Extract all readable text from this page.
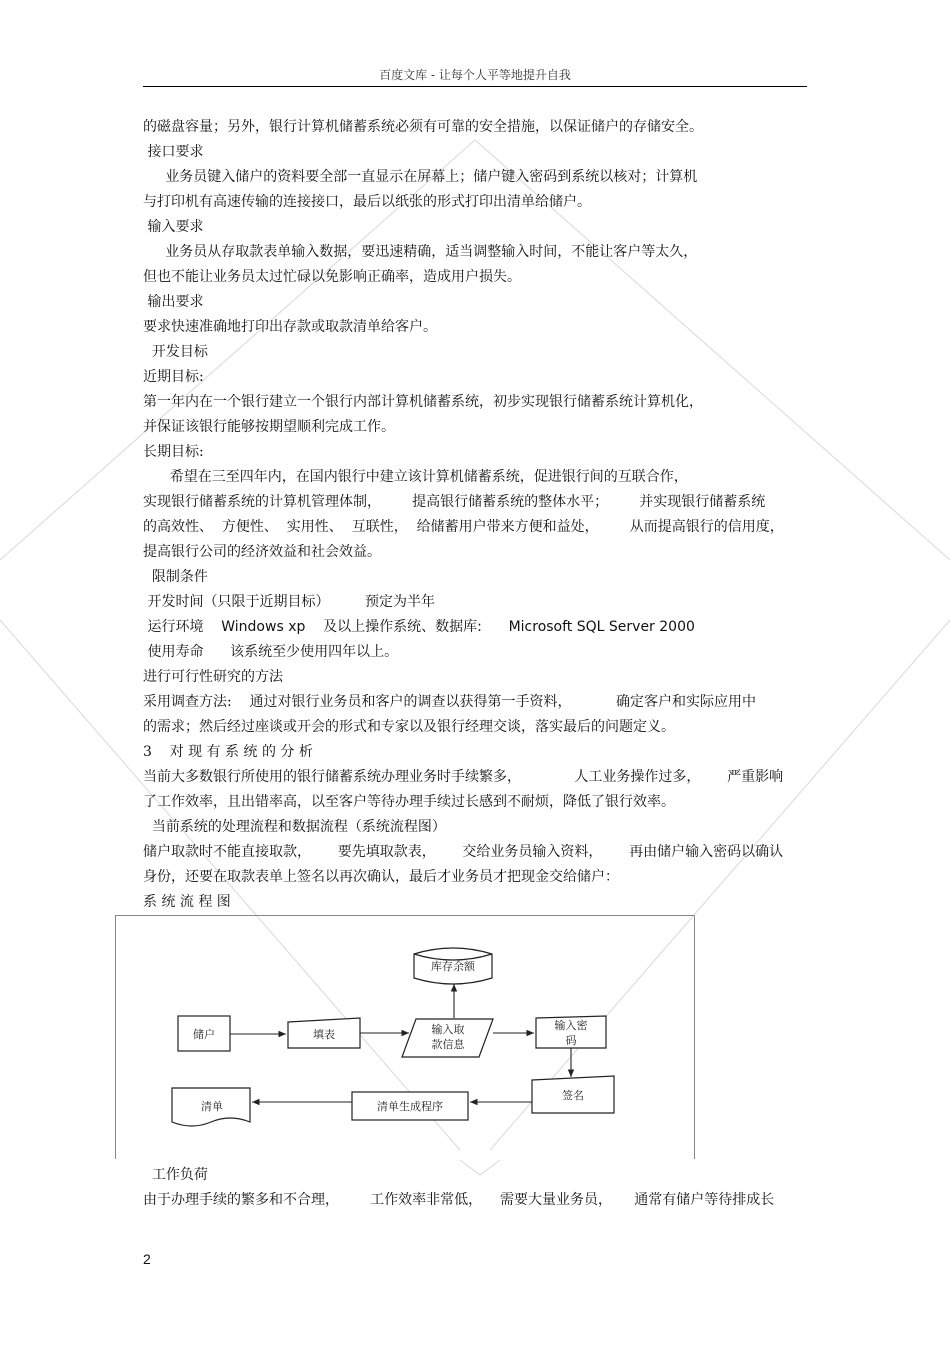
百度文库 - 让每个人平等地提升自我
的磁盘容量；另外，银行计算机储蓄系统必须有可靠的安全措施，以保证储户的存储安全。
接口要求
业务员键入储户的资料要全部一直显示在屏幕上；储户键入密码到系统以核对；计算机
与打印机有高速传输的连接接口，最后以纸张的形式打印出清单给储户。
输入要求
业务员从存取款表单输入数据，要迅速精确，适当调整输入时间，不能让客户等太久，
但也不能让业务员太过忙碌以免影响正确率，造成用户损失。
输出要求
要求快速准确地打印出存款或取款清单给客户。
开发目标
近期目标:
第一年内在一个银行建立一个银行内部计算机储蓄系统，初步实现银行储蓄系统计算机化，
并保证该银行能够按期望顺利完成工作。
长期目标:
希望在三至四年内，在国内银行中建立该计算机储蓄系统，促进银行间的互联合作，
实现银行储蓄系统的计算机管理体制，       提高银行储蓄系统的整体水平；       并实现银行储蓄系统
的高效性、  方便性、  实用性、  互联性，  给储蓄用户带来方便和益处，       从而提高银行的信用度，
提高银行公司的经济效益和社会效益。
限制条件
开发时间（只限于近期目标）        预定为半年
运行环境    Windows xp    及以上操作系统、数据库:      Microsoft SQL Server 2000
使用寿命      该系统至少使用四年以上。
进行可行性研究的方法
采用调查方法:    通过对银行业务员和客户的调查以获得第一手资料，          确定客户和实际应用中
的需求；然后经过座谈或开会的形式和专家以及银行经理交谈，落实最后的问题定义。
3    对 现 有 系 统 的 分 析
当前大多数银行所使用的银行储蓄系统办理业务时手续繁多，            人工业务操作过多，      严重影响
了工作效率，且出错率高，以至客户等待办理手续过长感到不耐烦，降低了银行效率。
当前系统的处理流程和数据流程（系统流程图）
储户取款时不能直接取款，      要先填取款表，      交给业务员输入资料，      再由储户输入密码以确认
身份，还要在取款表单上签名以再次确认，最后才业务员才把现金交给储户：
系 统 流 程 图
工作负荷
由于办理手续的繁多和不合理，       工作效率非常低，    需要大量业务员，     通常有储户等待排成长
库存余额
储户	填表	输入取
款信息
输入密
码
签名
清单生成程序
清单
2
